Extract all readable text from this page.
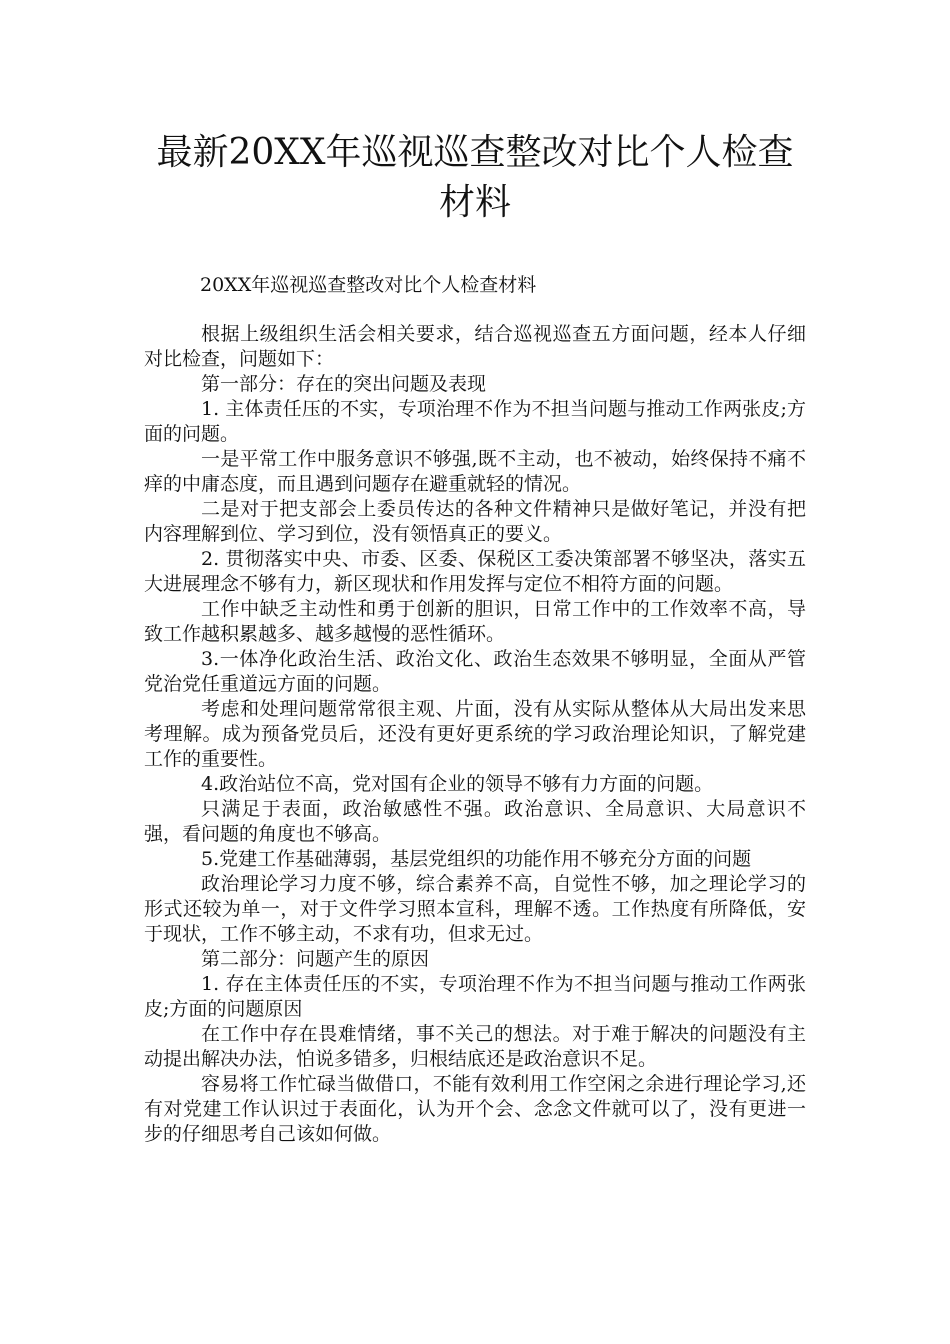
最新20XX年巡视巡查整改对比个人检查材料

20XX年巡视巡查整改对比个人检查材料

根据上级组织生活会相关要求，结合巡视巡查五方面问题，经本人仔细对比检查，问题如下：

第一部分：存在的突出问题及表现

1. 主体责任压的不实，专项治理不作为不担当问题与推动工作两张皮;方面的问题。

一是平常工作中服务意识不够强,既不主动，也不被动，始终保持不痛不痒的中庸态度，而且遇到问题存在避重就轻的情况。

二是对于把支部会上委员传达的各种文件精神只是做好笔记，并没有把内容理解到位、学习到位，没有领悟真正的要义。

2. 贯彻落实中央、市委、区委、保税区工委决策部署不够坚决，落实五大进展理念不够有力，新区现状和作用发挥与定位不相符方面的问题。

工作中缺乏主动性和勇于创新的胆识，日常工作中的工作效率不高，导致工作越积累越多、越多越慢的恶性循环。

3.一体净化政治生活、政治文化、政治生态效果不够明显，全面从严管党治党任重道远方面的问题。

考虑和处理问题常常很主观、片面，没有从实际从整体从大局出发来思考理解。成为预备党员后，还没有更好更系统的学习政治理论知识，了解党建工作的重要性。

4.政治站位不高，党对国有企业的领导不够有力方面的问题。

只满足于表面，政治敏感性不强。政治意识、全局意识、大局意识不强，看问题的角度也不够高。

5.党建工作基础薄弱，基层党组织的功能作用不够充分方面的问题

政治理论学习力度不够，综合素养不高，自觉性不够，加之理论学习的形式还较为单一，对于文件学习照本宣科，理解不透。工作热度有所降低，安于现状，工作不够主动，不求有功，但求无过。

第二部分：问题产生的原因

1. 存在主体责任压的不实，专项治理不作为不担当问题与推动工作两张皮;方面的问题原因

在工作中存在畏难情绪，事不关己的想法。对于难于解决的问题没有主动提出解决办法，怕说多错多，归根结底还是政治意识不足。

容易将工作忙碌当做借口，不能有效利用工作空闲之余进行理论学习,还有对党建工作认识过于表面化，认为开个会、念念文件就可以了，没有更进一步的仔细思考自己该如何做。
